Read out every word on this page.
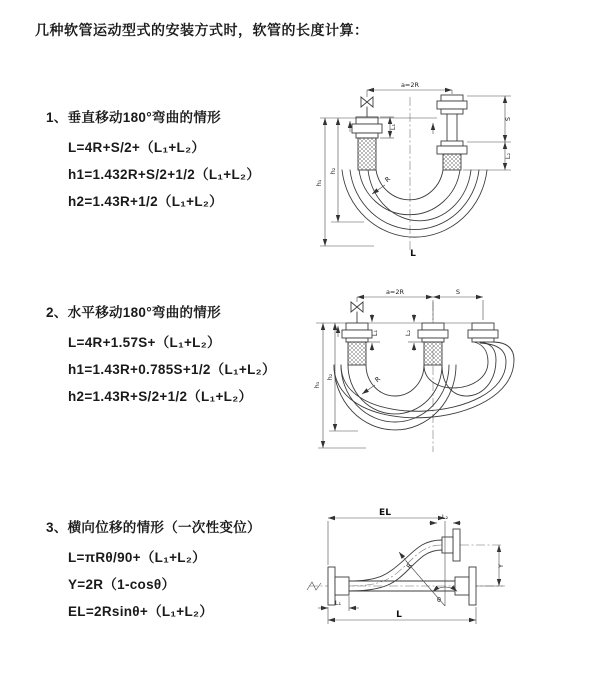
几种软管运动型式的安装方式时，软管的长度计算：
1、垂直移动180°弯曲的情形
L=4R+S/2+（L₁+L₂）
h1=1.432R+S/2+1/2（L₁+L₂）
h2=1.43R+1/2（L₁+L₂）
a=2R
h₁
h₂
S
L₂
L₁
R
L
2、水平移动180°弯曲的情形
L=4R+1.57S+（L₁+L₂）
h1=1.43R+0.785S+1/2（L₁+L₂）
h2=1.43R+S/2+1/2（L₁+L₂）
a=2R	S
h₁
h₂
L₁	L₂
R
3、横向位移的情形（一次性变位）
L=πRθ/90+（L₁+L₂）
Y=2R（1-cosθ）
EL=2Rsinθ+（L₁+L₂）
EL	L₂
Y
R
θ
L
L₁
